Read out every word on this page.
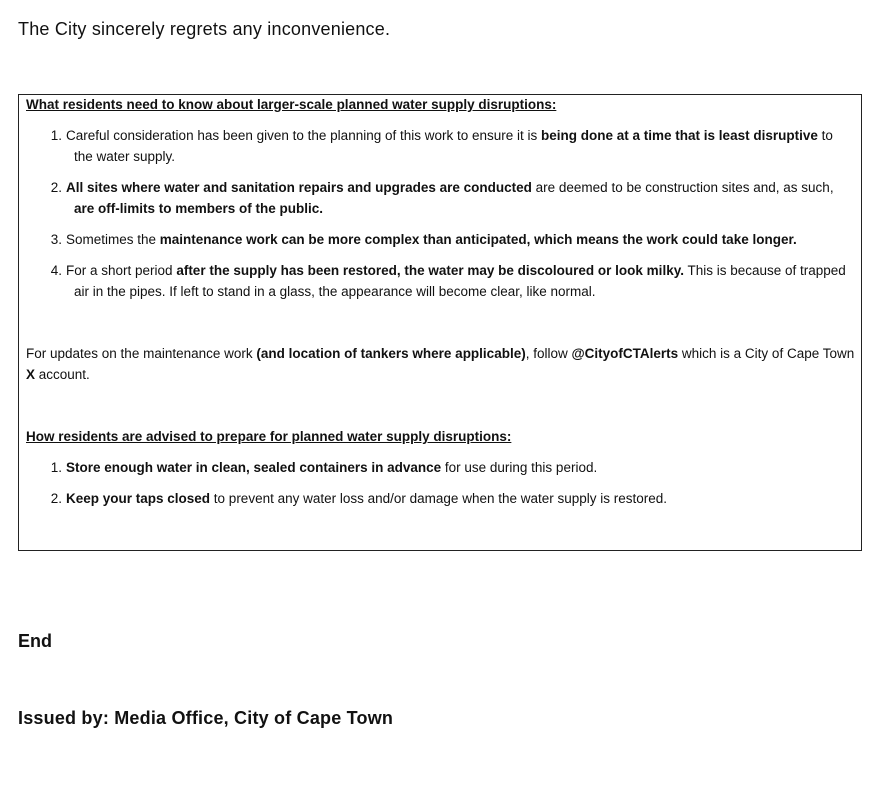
The City sincerely regrets any inconvenience.

What residents need to know about larger-scale planned water supply disruptions:

1. Careful consideration has been given to the planning of this work to ensure it is being done at a time that is least disruptive to the water supply.
2. All sites where water and sanitation repairs and upgrades are conducted are deemed to be construction sites and, as such, are off-limits to members of the public.
3. Sometimes the maintenance work can be more complex than anticipated, which means the work could take longer.
4. For a short period after the supply has been restored, the water may be discoloured or look milky. This is because of trapped air in the pipes. If left to stand in a glass, the appearance will become clear, like normal.

For updates on the maintenance work (and location of tankers where applicable), follow @CityofCTAlerts which is a City of Cape Town X account.

How residents are advised to prepare for planned water supply disruptions:

1. Store enough water in clean, sealed containers in advance for use during this period.
2. Keep your taps closed to prevent any water loss and/or damage when the water supply is restored.

End

Issued by: Media Office, City of Cape Town
